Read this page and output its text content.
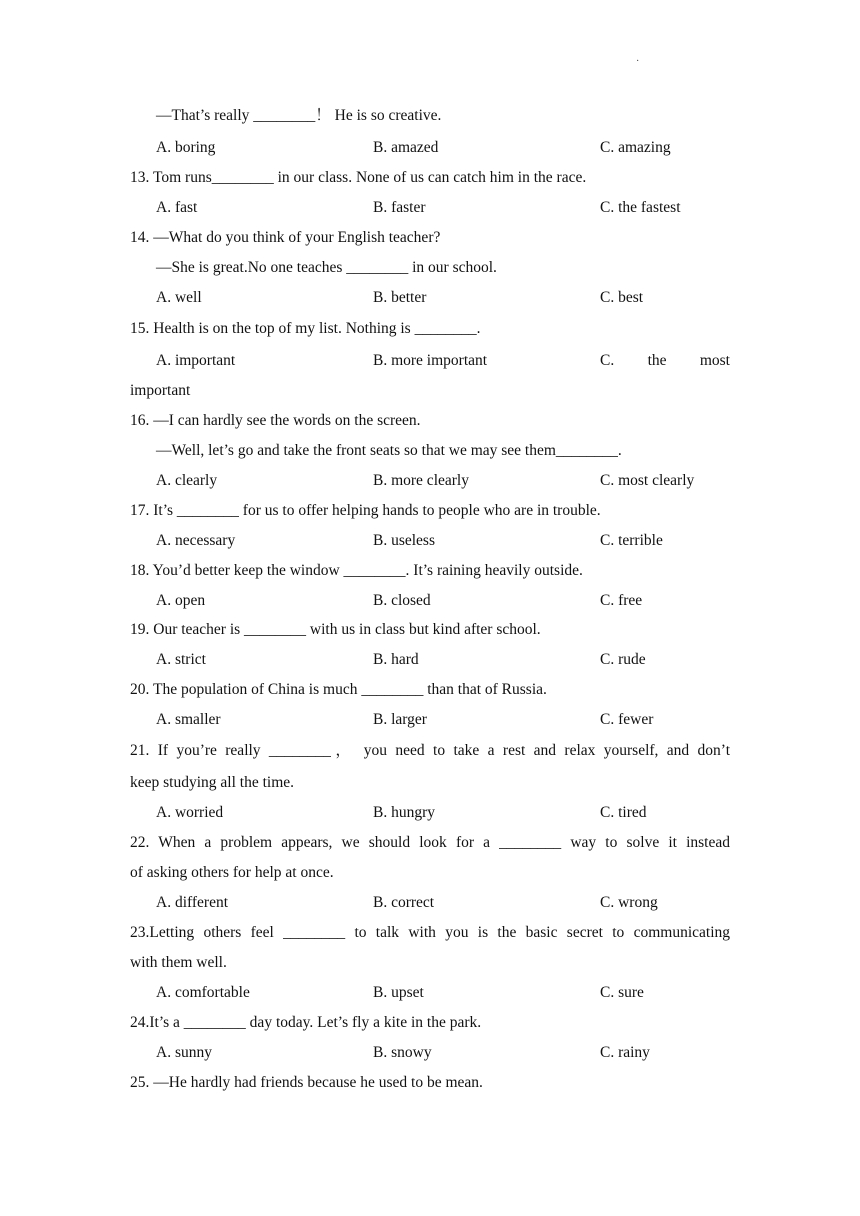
·
—That’s really ________！ He is so creative.
A. boring	B. amazed	C. amazing
13. Tom runs________ in our class. None of us can catch him in the race.
A. fast	B. faster	C. the fastest
14. —What do you think of your English teacher?
—She is great.No one teaches ________ in our school.
A. well	B. better	C. best
15. Health is on the top of my list. Nothing is ________.
A. important	B. more important	C. the most
important
16. —I can hardly see the words on the screen.
—Well, let’s go and take the front seats so that we may see them________.
A. clearly	B. more clearly	C. most clearly
17. It’s ________ for us to offer helping hands to people who are in trouble.
A. necessary	B. useless	C. terrible
18. You’d better keep the window ________. It’s raining heavily outside.
A. open	B. closed	C. free
19. Our teacher is ________ with us in class but kind after school.
A. strict	B. hard	C. rude
20. The population of China is much ________ than that of Russia.
A. smaller	B. larger	C. fewer
21. If you’re really ________， you need to take a rest and relax yourself, and don’t
keep studying all the time.
A. worried	B. hungry	C. tired
22. When a problem appears, we should look for a ________ way to solve it instead
of asking others for help at once.
A. different	B. correct	C. wrong
23.Letting others feel ________ to talk with you is the basic secret to communicating
with them well.
A. comfortable	B. upset	C. sure
24.It’s a ________ day today. Let’s fly a kite in the park.
A. sunny	B. snowy	C. rainy
25. —He hardly had friends because he used to be mean.
